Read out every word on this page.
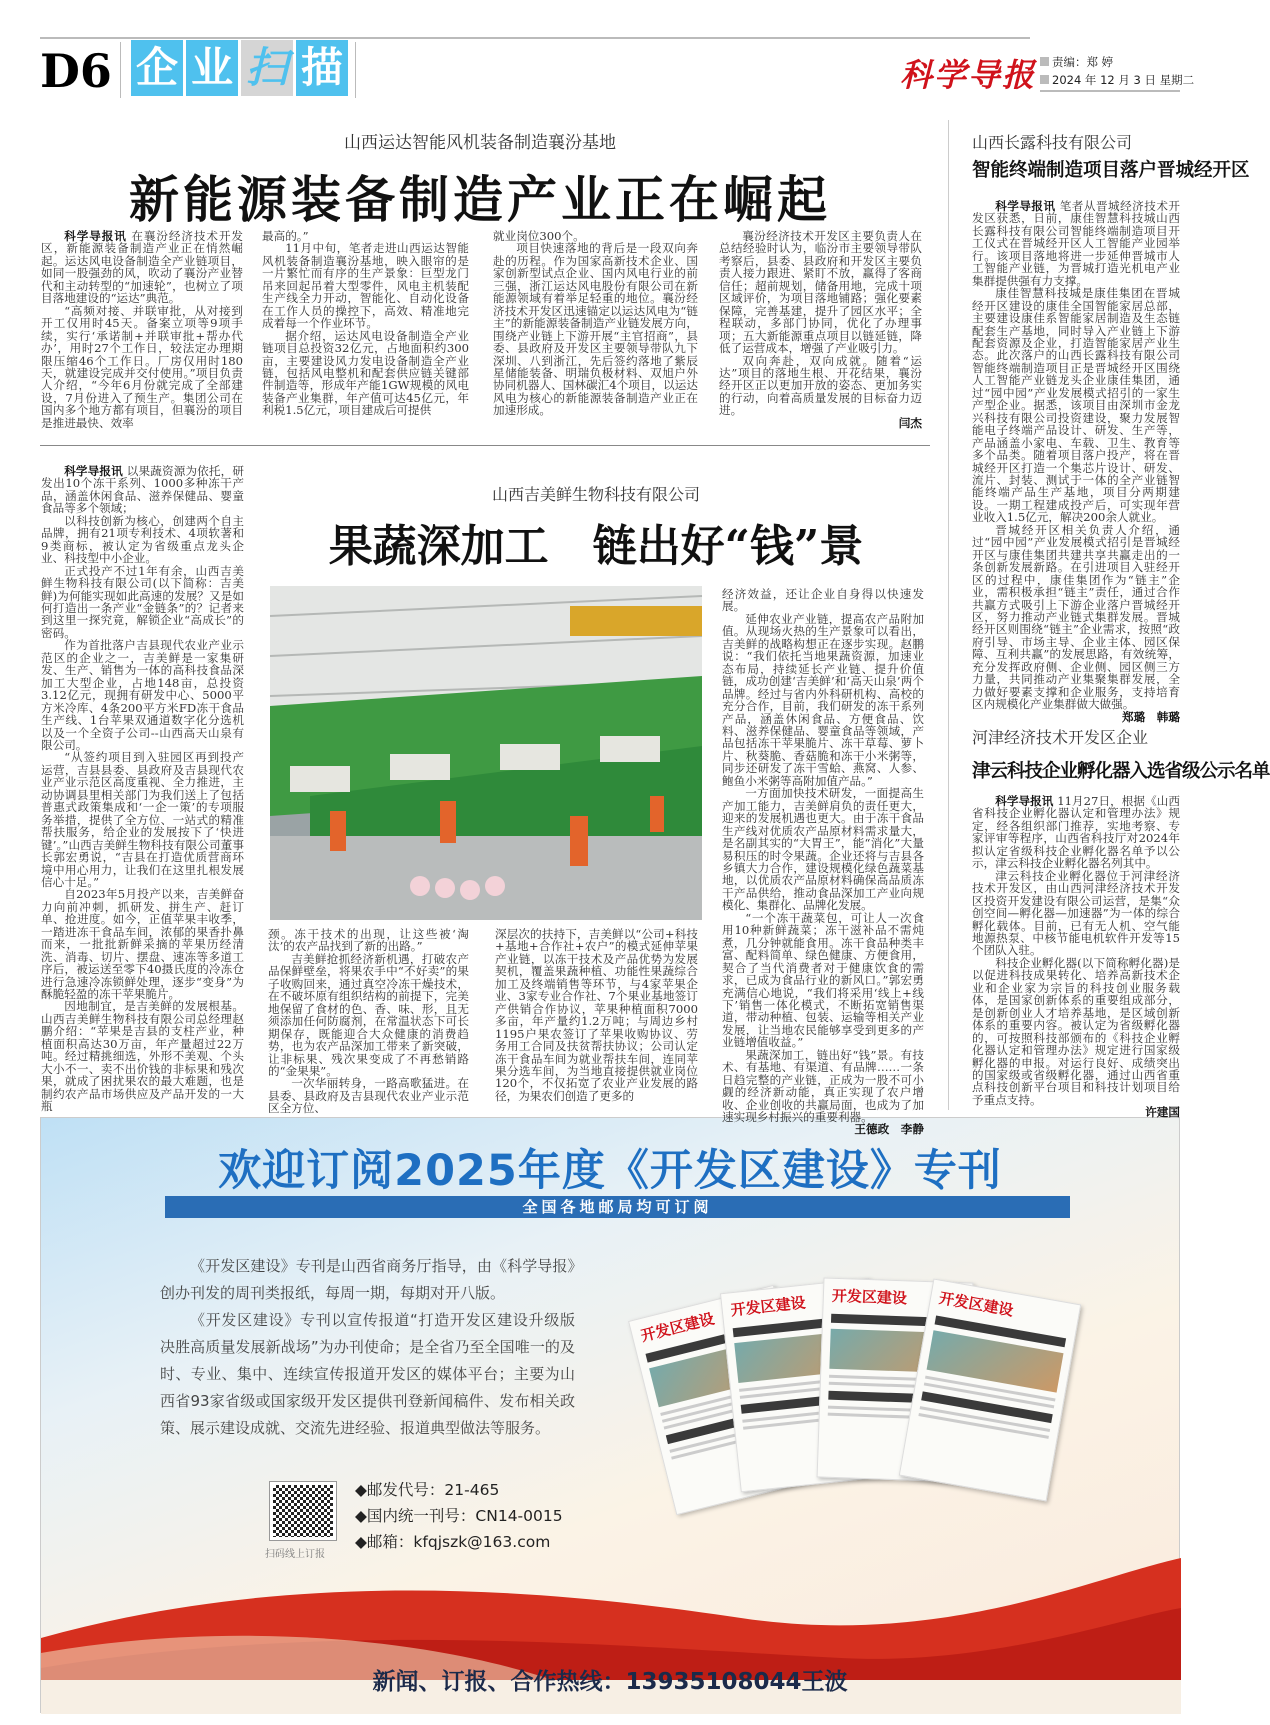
D6 企 业 扫 描	科学导报	责编：郑 婷
2024 年 12 月 3 日 星期二
山西运达智能风机装备制造襄汾基地
新能源装备制造产业正在崛起
山西吉美鲜生物科技有限公司
果蔬深加工　链出好“钱”景
山西长露科技有限公司
智能终端制造项目落户晋城经开区
河津经济技术开发区企业
津云科技企业孵化器入选省级公示名单
欢迎订阅2025年度《开发区建设》专刊
全国各地邮局均可订阅
《开发区建设》专刊是山西省商务厅指导，由《科学导报》创办刊发的周刊类报纸，每周一期，每期对开八版。
《开发区建设》专刊以宣传报道“打造开发区建设升级版 决胜高质量发展新战场”为办刊使命；是全省乃至全国唯一的及时、专业、集中、连续宣传报道开发区的媒体平台；主要为山西省93家省级或国家级开发区提供刊登新闻稿件、发布相关政策、展示建设成就、交流先进经验、报道典型做法等服务。
扫码线上订报
◆邮发代号：21-465
◆国内统一刊号：CN14-0015
◆邮箱：kfqjszk@163.com
开发区建设
开发区建设	开发区建设	开发区建设
新闻、订报、合作热线：13935108044王波

科学导报讯 在襄汾经济技术开发区，新能源装备制造产业正在悄然崛起。运达风电设备制造全产业链项目，如同一股强劲的风，吹动了襄汾产业替代和主动转型的“加速轮”，也树立了项目落地建设的“运达”典范。

“高频对接、并联审批，从对接到开工仅用时45天。备案立项等9项手续，实行‘承诺制+并联审批+帮办代办’，用时27个工作日，较法定办理期限压缩46个工作日。厂房仅用时180天，就建设完成并交付使用。”项目负责人介绍，“今年6月份就完成了全部建设，7月份进入了预生产。集团公司在国内多个地方都有项目，但襄汾的项目是推进最快、效率

最高的。”

11月中旬，笔者走进山西运达智能风机装备制造襄汾基地，映入眼帘的是一片繁忙而有序的生产景象：巨型龙门吊来回起吊着大型零件，风电主机装配生产线全力开动，智能化、自动化设备在工作人员的操控下，高效、精准地完成着每一个作业环节。

据介绍，运达风电设备制造全产业链项目总投资32亿元，占地面积约300亩，主要建设风力发电设备制造全产业链，包括风电整机和配套供应链关键部件制造等，形成年产能1GW规模的风电装备产业集群，年产值可达45亿元，年利税1.5亿元，项目建成后可提供

就业岗位300个。

项目快速落地的背后是一段双向奔赴的历程。作为国家高新技术企业、国家创新型试点企业、国内风电行业的前三强，浙江运达风电股份有限公司在新能源领域有着举足轻重的地位。襄汾经济技术开发区迅速锚定以运达风电为“链主”的新能源装备制造产业链发展方向，围绕产业链上下游开展“主官招商”，县委、县政府及开发区主要领导带队九下深圳、八到浙江，先后签约落地了紫辰星储能装备、明瑞负极材料、双旭户外协同机器人、国林碳汇4个项目，以运达风电为核心的新能源装备制造产业正在加速形成。

襄汾经济技术开发区主要负责人在总结经验时认为，临汾市主要领导带队考察后，县委、县政府和开发区主要负责人接力跟进、紧盯不放，赢得了客商信任；超前规划，储备用地，完成十项区域评价，为项目落地铺路；强化要素保障，完善基建，提升了园区水平；全程联动，多部门协同，优化了办理事项；五大新能源重点项目以链延链，降低了运营成本，增强了产业吸引力。

双向奔赴，双向成就。随着“运达”项目的落地生根、开花结果，襄汾经开区正以更加开放的姿态、更加务实的行动，向着高质量发展的目标奋力迈进。
闫杰

科学导报讯 以果蔬资源为依托，研发出10个冻干系列、1000多种冻干产品，涵盖休闲食品、滋养保健品、婴童食品等多个领域；

以科技创新为核心，创建两个自主品牌，拥有21项专利技术、4项软著和9类商标，被认定为省级重点龙头企业、科技型中小企业。

正式投产不过1年有余，山西吉美鲜生物科技有限公司(以下简称：吉美鲜)为何能实现如此高速的发展？又是如何打造出一条产业“金链条”的？记者来到这里一探究竟，解锁企业“高成长”的密码。

作为首批落户吉县现代农业产业示范区的企业之一，吉美鲜是一家集研发、生产、销售为一体的高科技食品深加工大型企业，占地148亩，总投资3.12亿元，现拥有研发中心、5000平方米冷库、4条200平方米FD冻干食品生产线、1台苹果双通道数字化分选机以及一个全资子公司--山西高天山泉有限公司。

“从签约项目到入驻园区再到投产运营，吉县县委、县政府及吉县现代农业产业示范区高度重视、全力推进，主动协调县里相关部门为我们送上了包括普惠式政策集成和‘一企一策’的专项服务举措，提供了全方位、一站式的精准帮扶服务，给企业的发展按下了‘快进键’。”山西吉美鲜生物科技有限公司董事长郭宏勇说，“吉县在打造优质营商环境中用心用力，让我们在这里扎根发展信心十足。”

自2023年5月投产以来，吉美鲜奋力向前冲刺，抓研发、拼生产、赶订单、抢进度。如今，正值苹果丰收季，一踏进冻干食品车间，浓郁的果香扑鼻而来，一批批新鲜采摘的苹果历经清洗、消毒、切片、摆盘、速冻等多道工序后，被运送至零下40摄氏度的冷冻仓进行急速冷冻锁鲜处理，逐步“变身”为酥脆轻盈的冻干苹果脆片。

因地制宜，是吉美鲜的发展根基。山西吉美鲜生物科技有限公司总经理赵鹏介绍：“苹果是吉县的支柱产业，种植面积高达30万亩，年产量超过22万吨。经过精挑细选，外形不美观、个头大小不一、卖不出价钱的非标果和残次果，就成了困扰果农的最大难题，也是制约农产品市场供应及产品开发的一大瓶

颈。冻干技术的出现，让这些被‘淘汰’的农产品找到了新的出路。”

吉美鲜抢抓经济新机遇，打破农产品保鲜壁垒，将果农手中“不好卖”的果子收购回来，通过真空冷冻干燥技术，在不破坏原有组织结构的前提下，完美地保留了食材的色、香、味、形，且无须添加任何防腐剂，在常温状态下可长期保存，既能迎合大众健康的消费趋势，也为农产品深加工带来了新突破，让非标果、残次果变成了不再愁销路的“金果果”。

一次华丽转身，一路高歌猛进。在县委、县政府及吉县现代农业产业示范区全方位、

深层次的扶持下，吉美鲜以“公司+科技+基地+合作社+农户”的模式延伸苹果产业链，以冻干技术及产品优势为发展契机，覆盖果蔬种植、功能性果蔬综合加工及终端销售等环节，与4家苹果企业、3家专业合作社、7个果业基地签订产供销合作协议，苹果种植面积7000多亩，年产量约1.2万吨；与周边乡村1195户果农签订了苹果收购协议、劳务用工合同及扶贫帮扶协议；公司认定冻干食品车间为就业帮扶车间，连同苹果分选车间，为当地直接提供就业岗位120个，不仅拓宽了农业产业发展的路径，为果农们创造了更多的

经济效益，还让企业自身得以快速发展。

延伸农业产业链，提高农产品附加值。从现场火热的生产景象可以看出，吉美鲜的战略构想正在逐步实现。赵鹏说：“我们依托当地果蔬资源，加速业态布局，持续延长产业链、提升价值链，成功创建‘吉美鲜’和‘高天山泉’两个品牌。经过与省内外科研机构、高校的充分合作，目前，我们研发的冻干系列产品，涵盖休闲食品、方便食品、饮料、滋养保健品、婴童食品等领域，产品包括冻干苹果脆片、冻干草莓、萝卜片、秋葵脆、香菇脆和冻干小米粥等，同步还研发了冻干雪蛤、燕窝、人参、鲍鱼小米粥等高附加值产品。”

一方面加快技术研发，一面提高生产加工能力，吉美鲜肩负的责任更大，迎来的发展机遇也更大。由于冻干食品生产线对优质农产品原材料需求量大，是名副其实的“大胃王”，能“消化”大量易积压的时令果蔬。企业还将与吉县各乡镇大力合作，建设规模化绿色蔬菜基地，以优质农产品原材料确保高品质冻干产品供给，推动食品深加工产业向规模化、集群化、品牌化发展。

“一个冻干蔬菜包，可让人一次食用10种新鲜蔬菜；冻干滋补品不需炖煮，几分钟就能食用。冻干食品种类丰富、配料简单、绿色健康、方便食用，契合了当代消费者对于健康饮食的需求，已成为食品行业的新风口。”郭宏勇充满信心地说，“我们将采用‘线上+线下’销售一体化模式，不断拓宽销售渠道，带动种植、包装、运输等相关产业发展，让当地农民能够享受到更多的产业链增值收益。”

果蔬深加工，链出好“钱”景。有技术、有基地、有渠道、有品牌……一条日趋完整的产业链，正成为一股不可小觑的经济新动能，真正实现了农户增收、企业创收的共赢局面，也成为了加速实现乡村振兴的重要利器。
王德政　李静

科学导报讯 笔者从晋城经济技术开发区获悉，日前，康佳智慧科技城山西长露科技有限公司智能终端制造项目开工仪式在晋城经开区人工智能产业园举行。该项目落地将进一步延伸晋城市人工智能产业链，为晋城打造光机电产业集群提供强有力支撑。

康佳智慧科技城是康佳集团在晋城经开区建设的康佳全国智能家居总部，主要建设康佳系智能家居制造及生态链配套生产基地，同时导入产业链上下游配套资源及企业，打造智能家居产业生态。此次落户的山西长露科技有限公司智能终端制造项目正是晋城经开区围绕人工智能产业链龙头企业康佳集团，通过“园中园”产业发展模式招引的一家生产型企业。据悉，该项目由深圳市金龙兴科技有限公司投资建设，聚力发展智能电子终端产品设计、研发、生产等，产品涵盖小家电、车载、卫生、教育等多个品类。随着项目落户投产，将在晋城经开区打造一个集芯片设计、研发、流片、封装、测试于一体的全产业链智能终端产品生产基地，项目分两期建设。一期工程建成投产后，可实现年营业收入1.5亿元，解决200余人就业。

晋城经开区相关负责人介绍，通过“园中园”产业发展模式招引是晋城经开区与康佳集团共建共享共赢走出的一条创新发展新路。在引进项目入驻经开区的过程中，康佳集团作为“链主”企业，需积极承担“链主”责任，通过合作共赢方式吸引上下游企业落户晋城经开区，努力推动产业链式集群发展。晋城经开区则围绕“链主”企业需求，按照“政府引导、市场主导、企业主体、园区保障、互利共赢”的发展思路，有效统筹，充分发挥政府侧、企业侧、园区侧三方力量，共同推动产业集聚集群发展，全力做好要素支撑和企业服务，支持培育区内规模化产业集群做大做强。
郑璐　韩璐

科学导报讯 11月27日，根据《山西省科技企业孵化器认定和管理办法》规定，经各组织部门推荐，实地考察、专家评审等程序，山西省科技厅对2024年拟认定省级科技企业孵化器名单予以公示，津云科技企业孵化器名列其中。

津云科技企业孵化器位于河津经济技术开发区，由山西河津经济技术开发区投资开发建设有限公司运营，是集“众创空间—孵化器—加速器”为一体的综合孵化载体。目前，已有无人机、空气能地源热泵、中核节能电机软件开发等15个团队入驻。

科技企业孵化器(以下简称孵化器)是以促进科技成果转化、培养高新技术企业和企业家为宗旨的科技创业服务载体，是国家创新体系的重要组成部分，是创新创业人才培养基地，是区域创新体系的重要内容。被认定为省级孵化器的，可按照科技部颁布的《科技企业孵化器认定和管理办法》规定进行国家级孵化器的申报。对运行良好、成绩突出的国家级或省级孵化器，通过山西省重点科技创新平台项目和科技计划项目给予重点支持。
许建国
